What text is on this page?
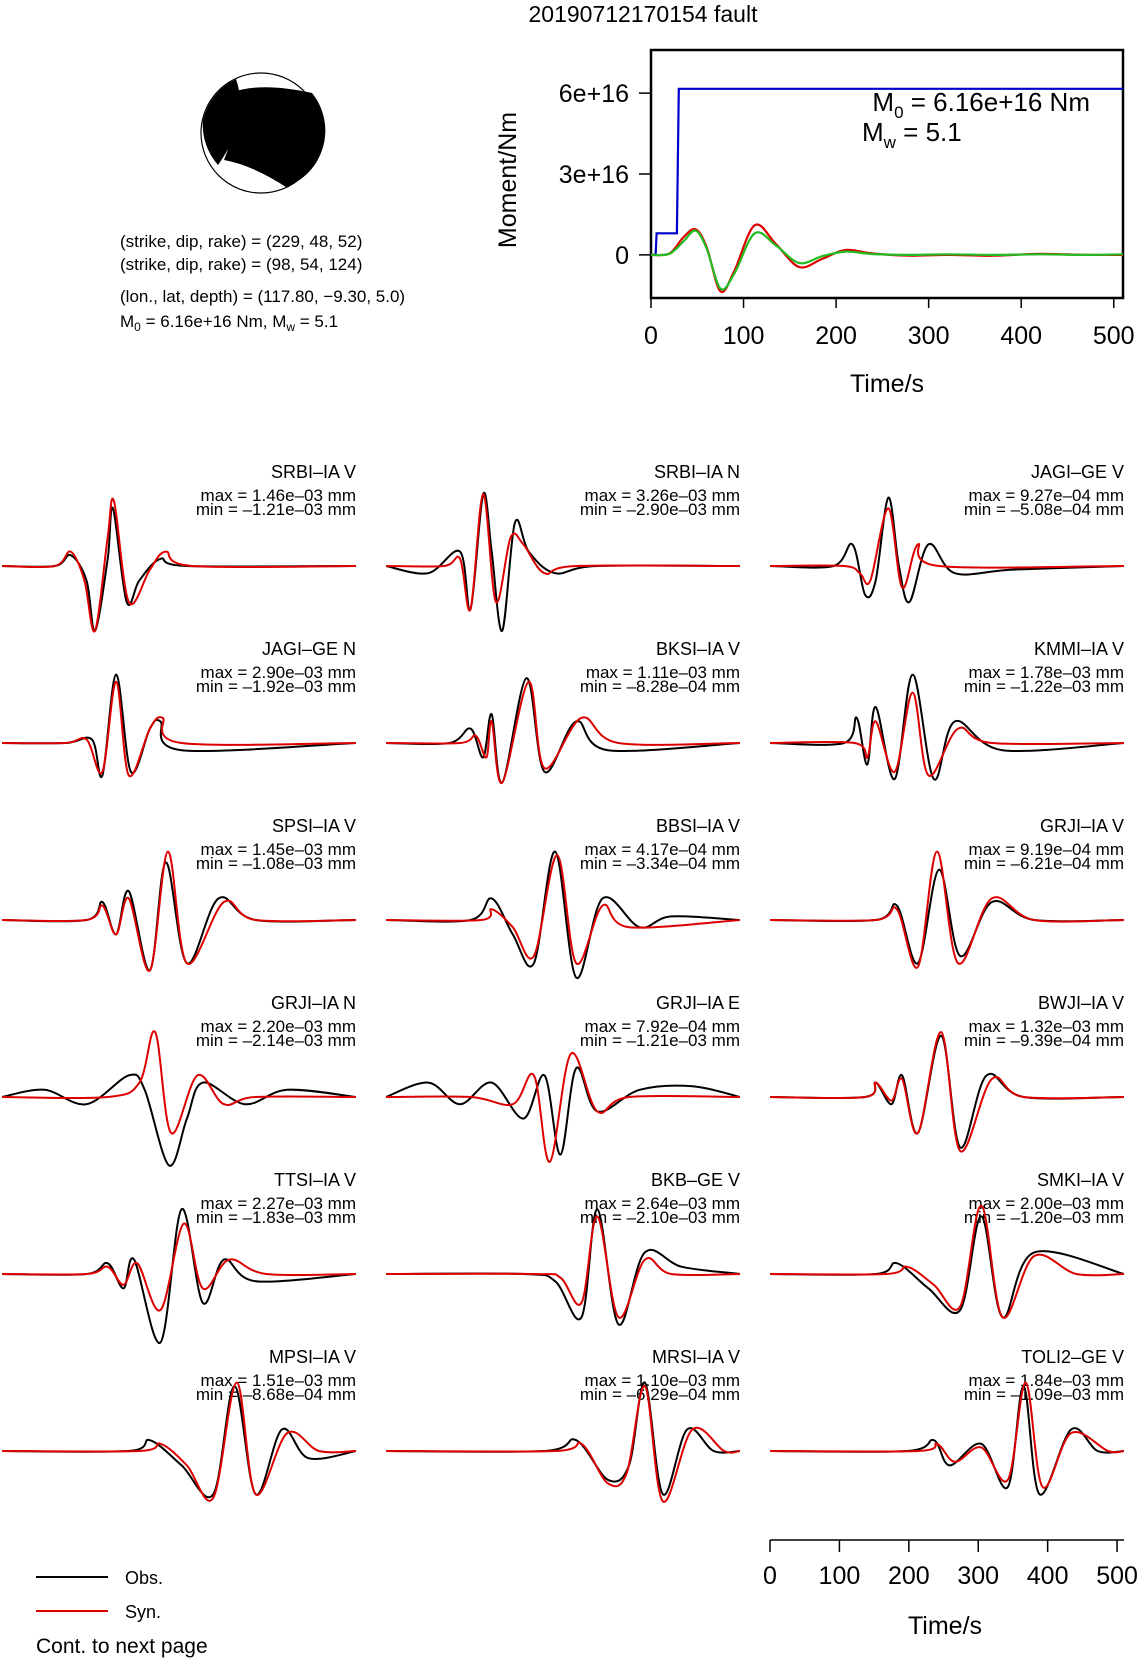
20190712170154 fault
(strike, dip, rake) = (229, 48, 52)
(strike, dip, rake) = (98, 54, 124)
(lon., lat, depth) = (117.80, −9.30, 5.0)
$M_0 = 6.16e+16$ Nm, $M_w = 5.1$
0
3e+16
6e+16
0	100 200 300 400 500
$M_0 = 6.16e+16$ Nm
$M_w = 5.1$
Time/s
Moment/Nm
SRBI–IA V
max = 1.46e–03 mm
min = –1.21e–03 mm
SRBI–IA N
max = 3.26e–03 mm
min = –2.90e–03 mm
JAGI–GE V
max = 9.27e–04 mm
min = –5.08e–04 mm
JAGI–GE N
max = 2.90e–03 mm
min = –1.92e–03 mm
BKSI–IA V
max = 1.11e–03 mm
min = –8.28e–04 mm
KMMI–IA V
max = 1.78e–03 mm
min = –1.22e–03 mm
SPSI–IA V
max = 1.45e–03 mm
min = –1.08e–03 mm
BBSI–IA V
max = 4.17e–04 mm
min = –3.34e–04 mm
GRJI–IA V
max = 9.19e–04 mm
min = –6.21e–04 mm
GRJI–IA N
max = 2.20e–03 mm
min = –2.14e–03 mm
GRJI–IA E
max = 7.92e–04 mm
min = –1.21e–03 mm
BWJI–IA V
max = 1.32e–03 mm
min = –9.39e–04 mm
TTSI–IA V
max = 2.27e–03 mm
min = –1.83e–03 mm
BKB–GE V
max = 2.64e–03 mm
min = –2.10e–03 mm
SMKI–IA V
max = 2.00e–03 mm
min = –1.20e–03 mm
MPSI–IA V
max = 1.51e–03 mm
min = –8.68e–04 mm
MRSI–IA V
max = 1.10e–03 mm
min = –6.29e–04 mm
TOLI2–GE V
max = 1.84e–03 mm
min = –1.09e–03 mm
0 100 200 300 400 500
Time/s
Obs.
Syn.
Cont. to next page
